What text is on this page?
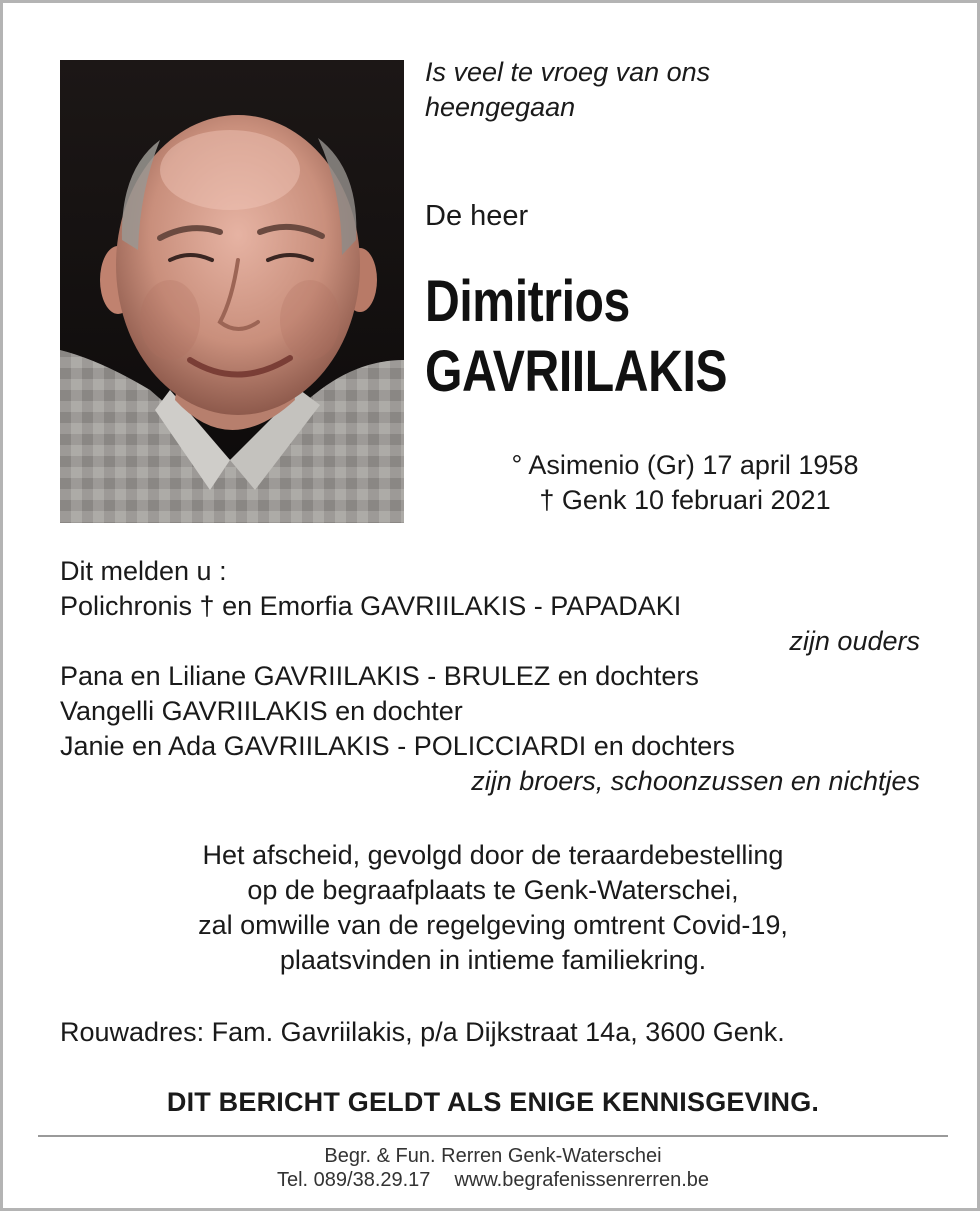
Is veel te vroeg van ons
heengegaan
De heer
Dimitrios
GAVRIILAKIS
° Asimenio (Gr) 17 april 1958
† Genk 10 februari 2021
Dit melden u :
Polichronis † en Emorfia GAVRIILAKIS - PAPADAKI
zijn ouders
Pana en Liliane GAVRIILAKIS - BRULEZ en dochters
Vangelli GAVRIILAKIS en dochter
Janie en Ada GAVRIILAKIS - POLICCIARDI en dochters
zijn broers, schoonzussen en nichtjes
Het afscheid, gevolgd door de teraardebestelling
op de begraafplaats te Genk-Waterschei,
zal omwille van de regelgeving omtrent Covid-19,
plaatsvinden in intieme familiekring.
Rouwadres: Fam. Gavriilakis, p/a Dijkstraat 14a, 3600 Genk.
DIT BERICHT GELDT ALS ENIGE KENNISGEVING.
Begr. & Fun. Rerren Genk-Waterschei
Tel. 089/38.29.17 www.begrafenissenrerren.be
